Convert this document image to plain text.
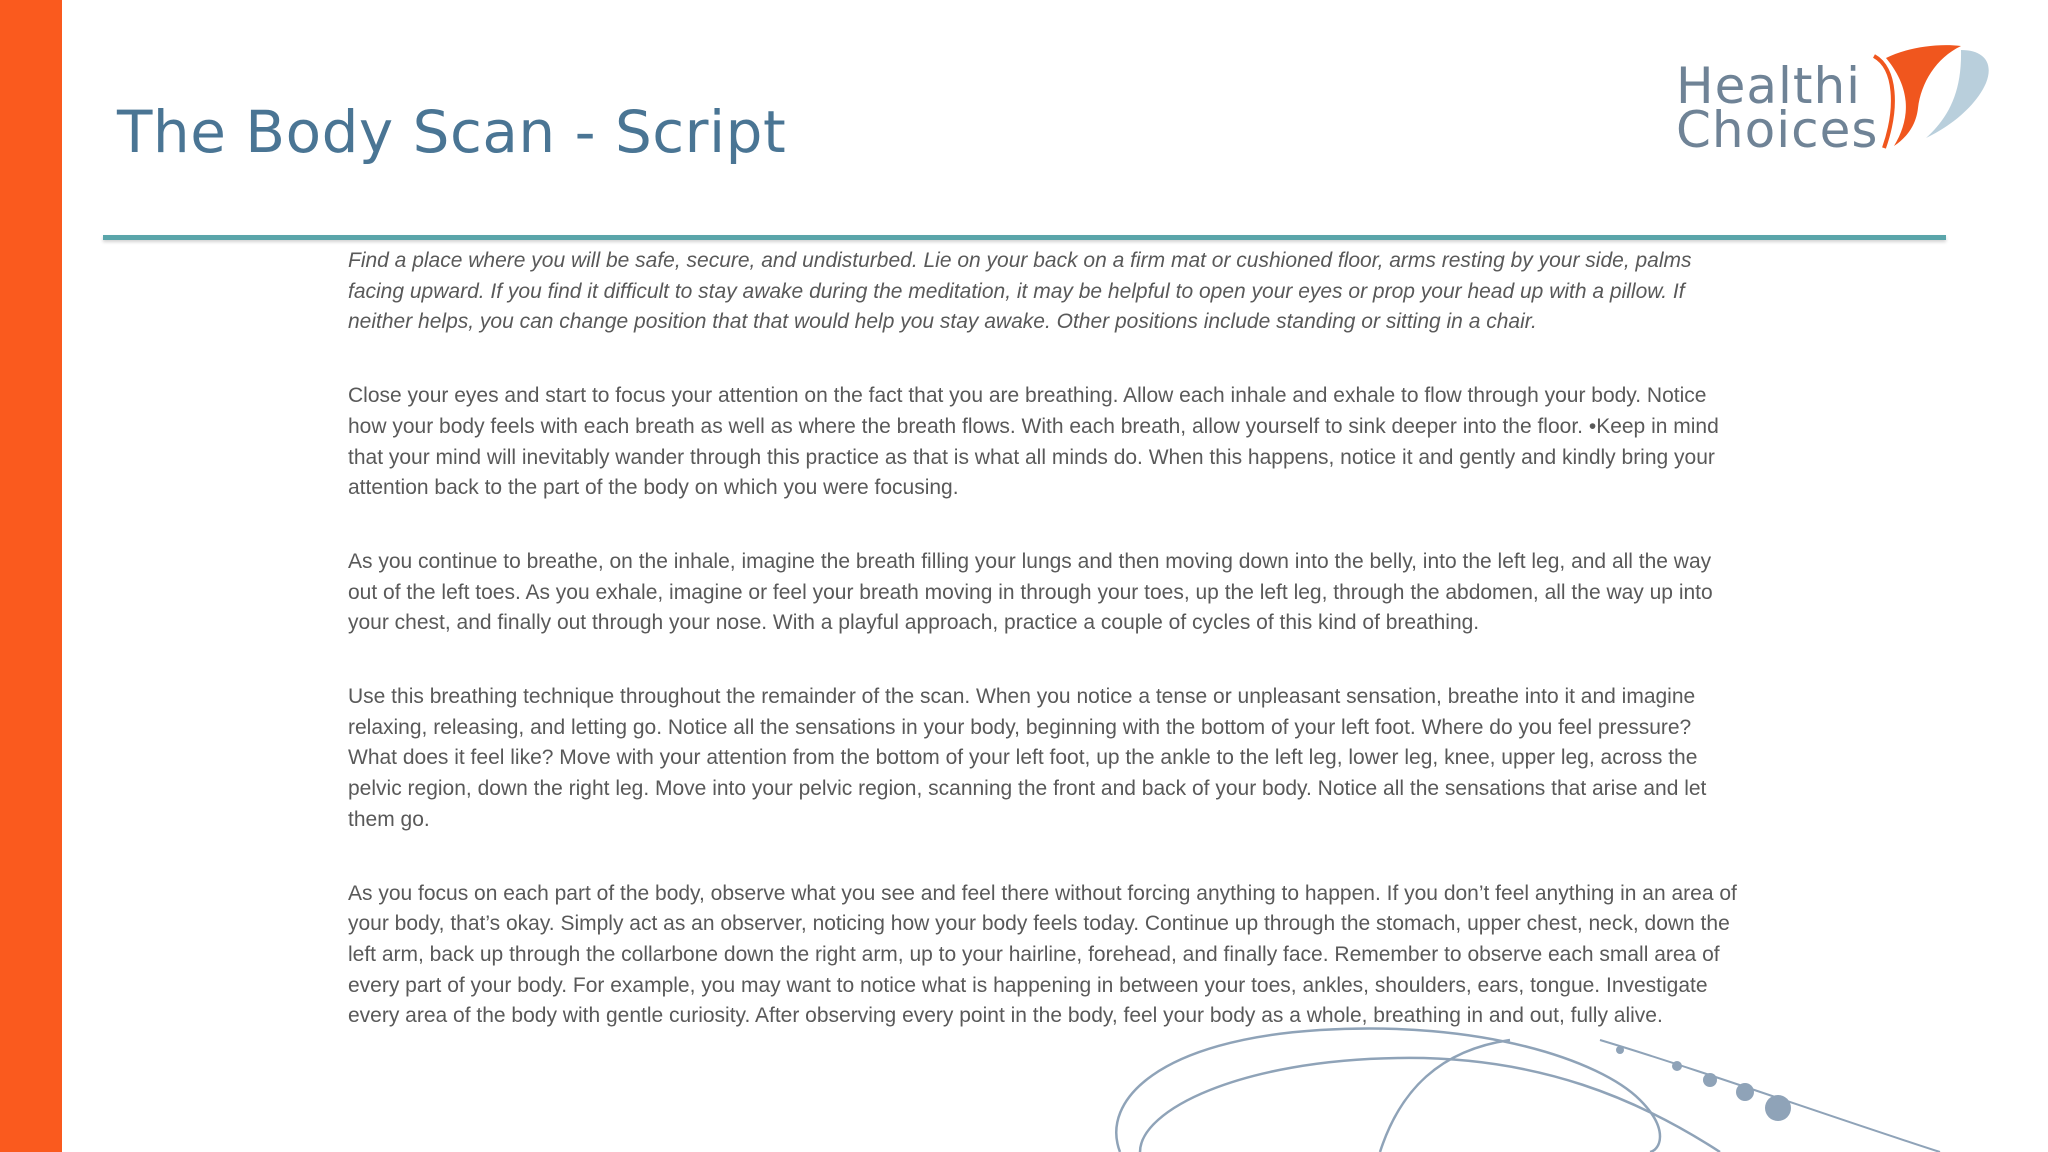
The Body Scan - Script
Healthi
Choices

Find a place where you will be safe, secure, and undisturbed. Lie on your back on a firm mat or cushioned floor, arms resting by your side, palms facing upward. If you find it difficult to stay awake during the meditation, it may be helpful to open your eyes or prop your head up with a pillow. If neither helps, you can change position that that would help you stay awake. Other positions include standing or sitting in a chair.

Close your eyes and start to focus your attention on the fact that you are breathing. Allow each inhale and exhale to flow through your body. Notice how your body feels with each breath as well as where the breath flows. With each breath, allow yourself to sink deeper into the floor. •Keep in mind that your mind will inevitably wander through this practice as that is what all minds do. When this happens, notice it and gently and kindly bring your attention back to the part of the body on which you were focusing.

As you continue to breathe, on the inhale, imagine the breath filling your lungs and then moving down into the belly, into the left leg, and all the way out of the left toes. As you exhale, imagine or feel your breath moving in through your toes, up the left leg, through the abdomen, all the way up into your chest, and finally out through your nose. With a playful approach, practice a couple of cycles of this kind of breathing.

Use this breathing technique throughout the remainder of the scan. When you notice a tense or unpleasant sensation, breathe into it and imagine relaxing, releasing, and letting go. Notice all the sensations in your body, beginning with the bottom of your left foot. Where do you feel pressure? What does it feel like? Move with your attention from the bottom of your left foot, up the ankle to the left leg, lower leg, knee, upper leg, across the pelvic region, down the right leg. Move into your pelvic region, scanning the front and back of your body. Notice all the sensations that arise and let them go.

As you focus on each part of the body, observe what you see and feel there without forcing anything to happen. If you don’t feel anything in an area of your body, that’s okay. Simply act as an observer, noticing how your body feels today. Continue up through the stomach, upper chest, neck, down the left arm, back up through the collarbone down the right arm, up to your hairline, forehead, and finally face. Remember to observe each small area of every part of your body. For example, you may want to notice what is happening in between your toes, ankles, shoulders, ears, tongue. Investigate every area of the body with gentle curiosity. After observing every point in the body, feel your body as a whole, breathing in and out, fully alive.
